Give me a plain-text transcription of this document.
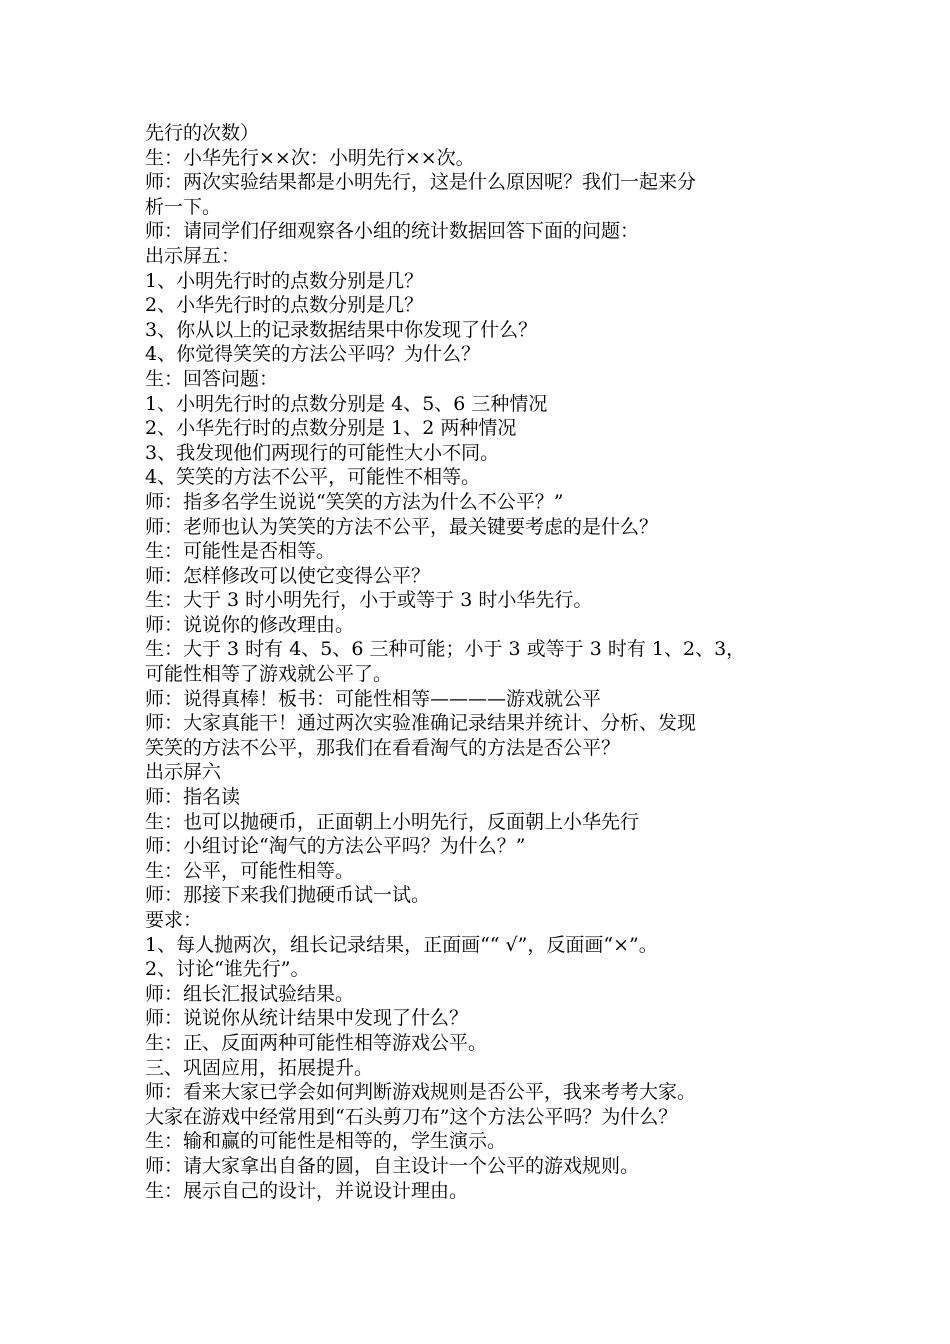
先行的次数）
生：小华先行××次：小明先行××次。
师：两次实验结果都是小明先行，这是什么原因呢？我们一起来分
析一下。
师：请同学们仔细观察各小组的统计数据回答下面的问题：
出示屏五：
1、小明先行时的点数分别是几？
2、小华先行时的点数分别是几？
3、你从以上的记录数据结果中你发现了什么？
4、你觉得笑笑的方法公平吗？为什么？
生：回答问题：
1、小明先行时的点数分别是 4、5、6 三种情况
2、小华先行时的点数分别是 1、2 两种情况
3、我发现他们两现行的可能性大小不同。
4、笑笑的方法不公平，可能性不相等。
师：指多名学生说说“笑笑的方法为什么不公平？”
师：老师也认为笑笑的方法不公平，最关键要考虑的是什么？
生：可能性是否相等。
师：怎样修改可以使它变得公平？
生：大于 3 时小明先行，小于或等于 3 时小华先行。
师：说说你的修改理由。
生：大于 3 时有 4、5、6 三种可能；小于 3 或等于 3 时有 1、2、3，
可能性相等了游戏就公平了。
师：说得真棒！板书：可能性相等————游戏就公平
师：大家真能干！通过两次实验准确记录结果并统计、分析、发现
笑笑的方法不公平，那我们在看看淘气的方法是否公平？
出示屏六
师：指名读
生：也可以抛硬币，正面朝上小明先行，反面朝上小华先行
师：小组讨论“淘气的方法公平吗？为什么？”
生：公平，可能性相等。
师：那接下来我们抛硬币试一试。
要求：
1、每人抛两次，组长记录结果，正面画““ √”，反面画“×”。
2、讨论“谁先行”。
师：组长汇报试验结果。
师：说说你从统计结果中发现了什么？
生：正、反面两种可能性相等游戏公平。
三、巩固应用，拓展提升。
师：看来大家已学会如何判断游戏规则是否公平，我来考考大家。
大家在游戏中经常用到“石头剪刀布”这个方法公平吗？为什么？
生：输和赢的可能性是相等的，学生演示。
师：请大家拿出自备的圆，自主设计一个公平的游戏规则。
生：展示自己的设计，并说设计理由。
